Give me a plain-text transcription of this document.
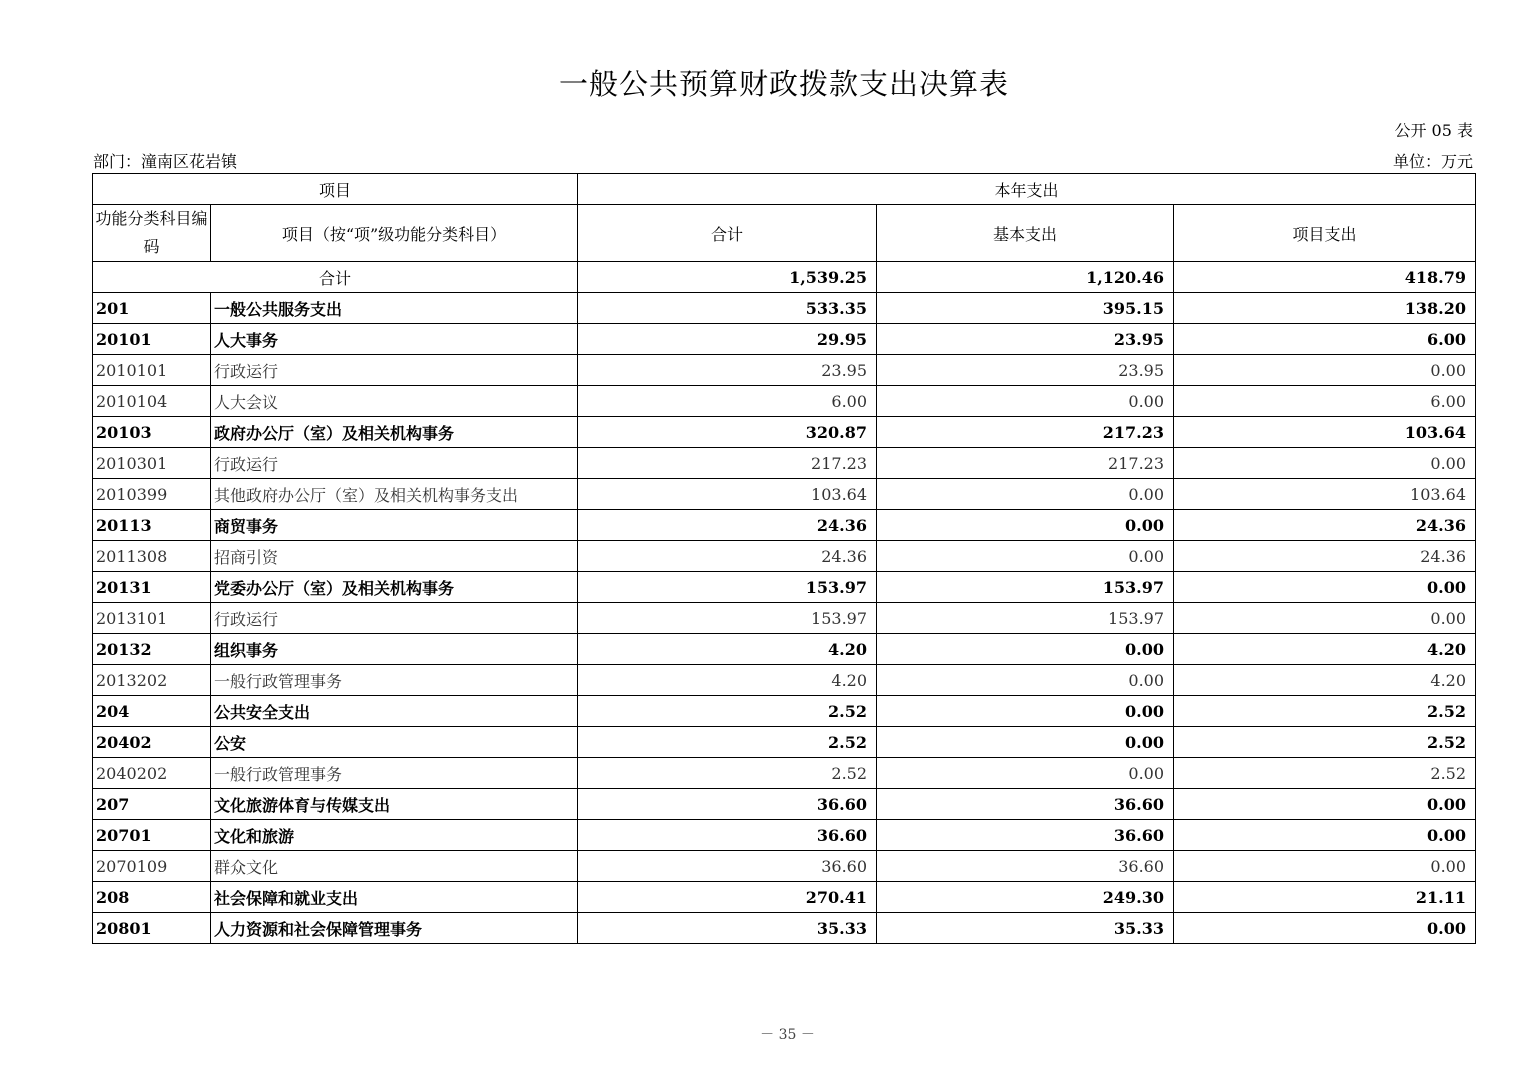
一般公共预算财政拨款支出决算表
公开 05 表
部门：潼南区花岩镇	单位：万元
项目		本年支出		
功能分类科目编码	项目（按“项”级功能分类科目）	合计	基本支出	项目支出
合计		1,539.25	1,120.46	418.79
201	一般公共服务支出	533.35	395.15	138.20
20101	人大事务	29.95	23.95	6.00
2010101	行政运行	23.95	23.95	0.00
2010104	人大会议	6.00	0.00	6.00
20103	政府办公厅（室）及相关机构事务	320.87	217.23	103.64
2010301	行政运行	217.23	217.23	0.00
2010399	其他政府办公厅（室）及相关机构事务支出	103.64	0.00	103.64
20113	商贸事务	24.36	0.00	24.36
2011308	招商引资	24.36	0.00	24.36
20131	党委办公厅（室）及相关机构事务	153.97	153.97	0.00
2013101	行政运行	153.97	153.97	0.00
20132	组织事务	4.20	0.00	4.20
2013202	一般行政管理事务	4.20	0.00	4.20
204	公共安全支出	2.52	0.00	2.52
20402	公安	2.52	0.00	2.52
2040202	一般行政管理事务	2.52	0.00	2.52
207	文化旅游体育与传媒支出	36.60	36.60	0.00
20701	文化和旅游	36.60	36.60	0.00
2070109	群众文化	36.60	36.60	0.00
208	社会保障和就业支出	270.41	249.30	21.11
20801	人力资源和社会保障管理事务	35.33	35.33	0.00
－ 35 －
